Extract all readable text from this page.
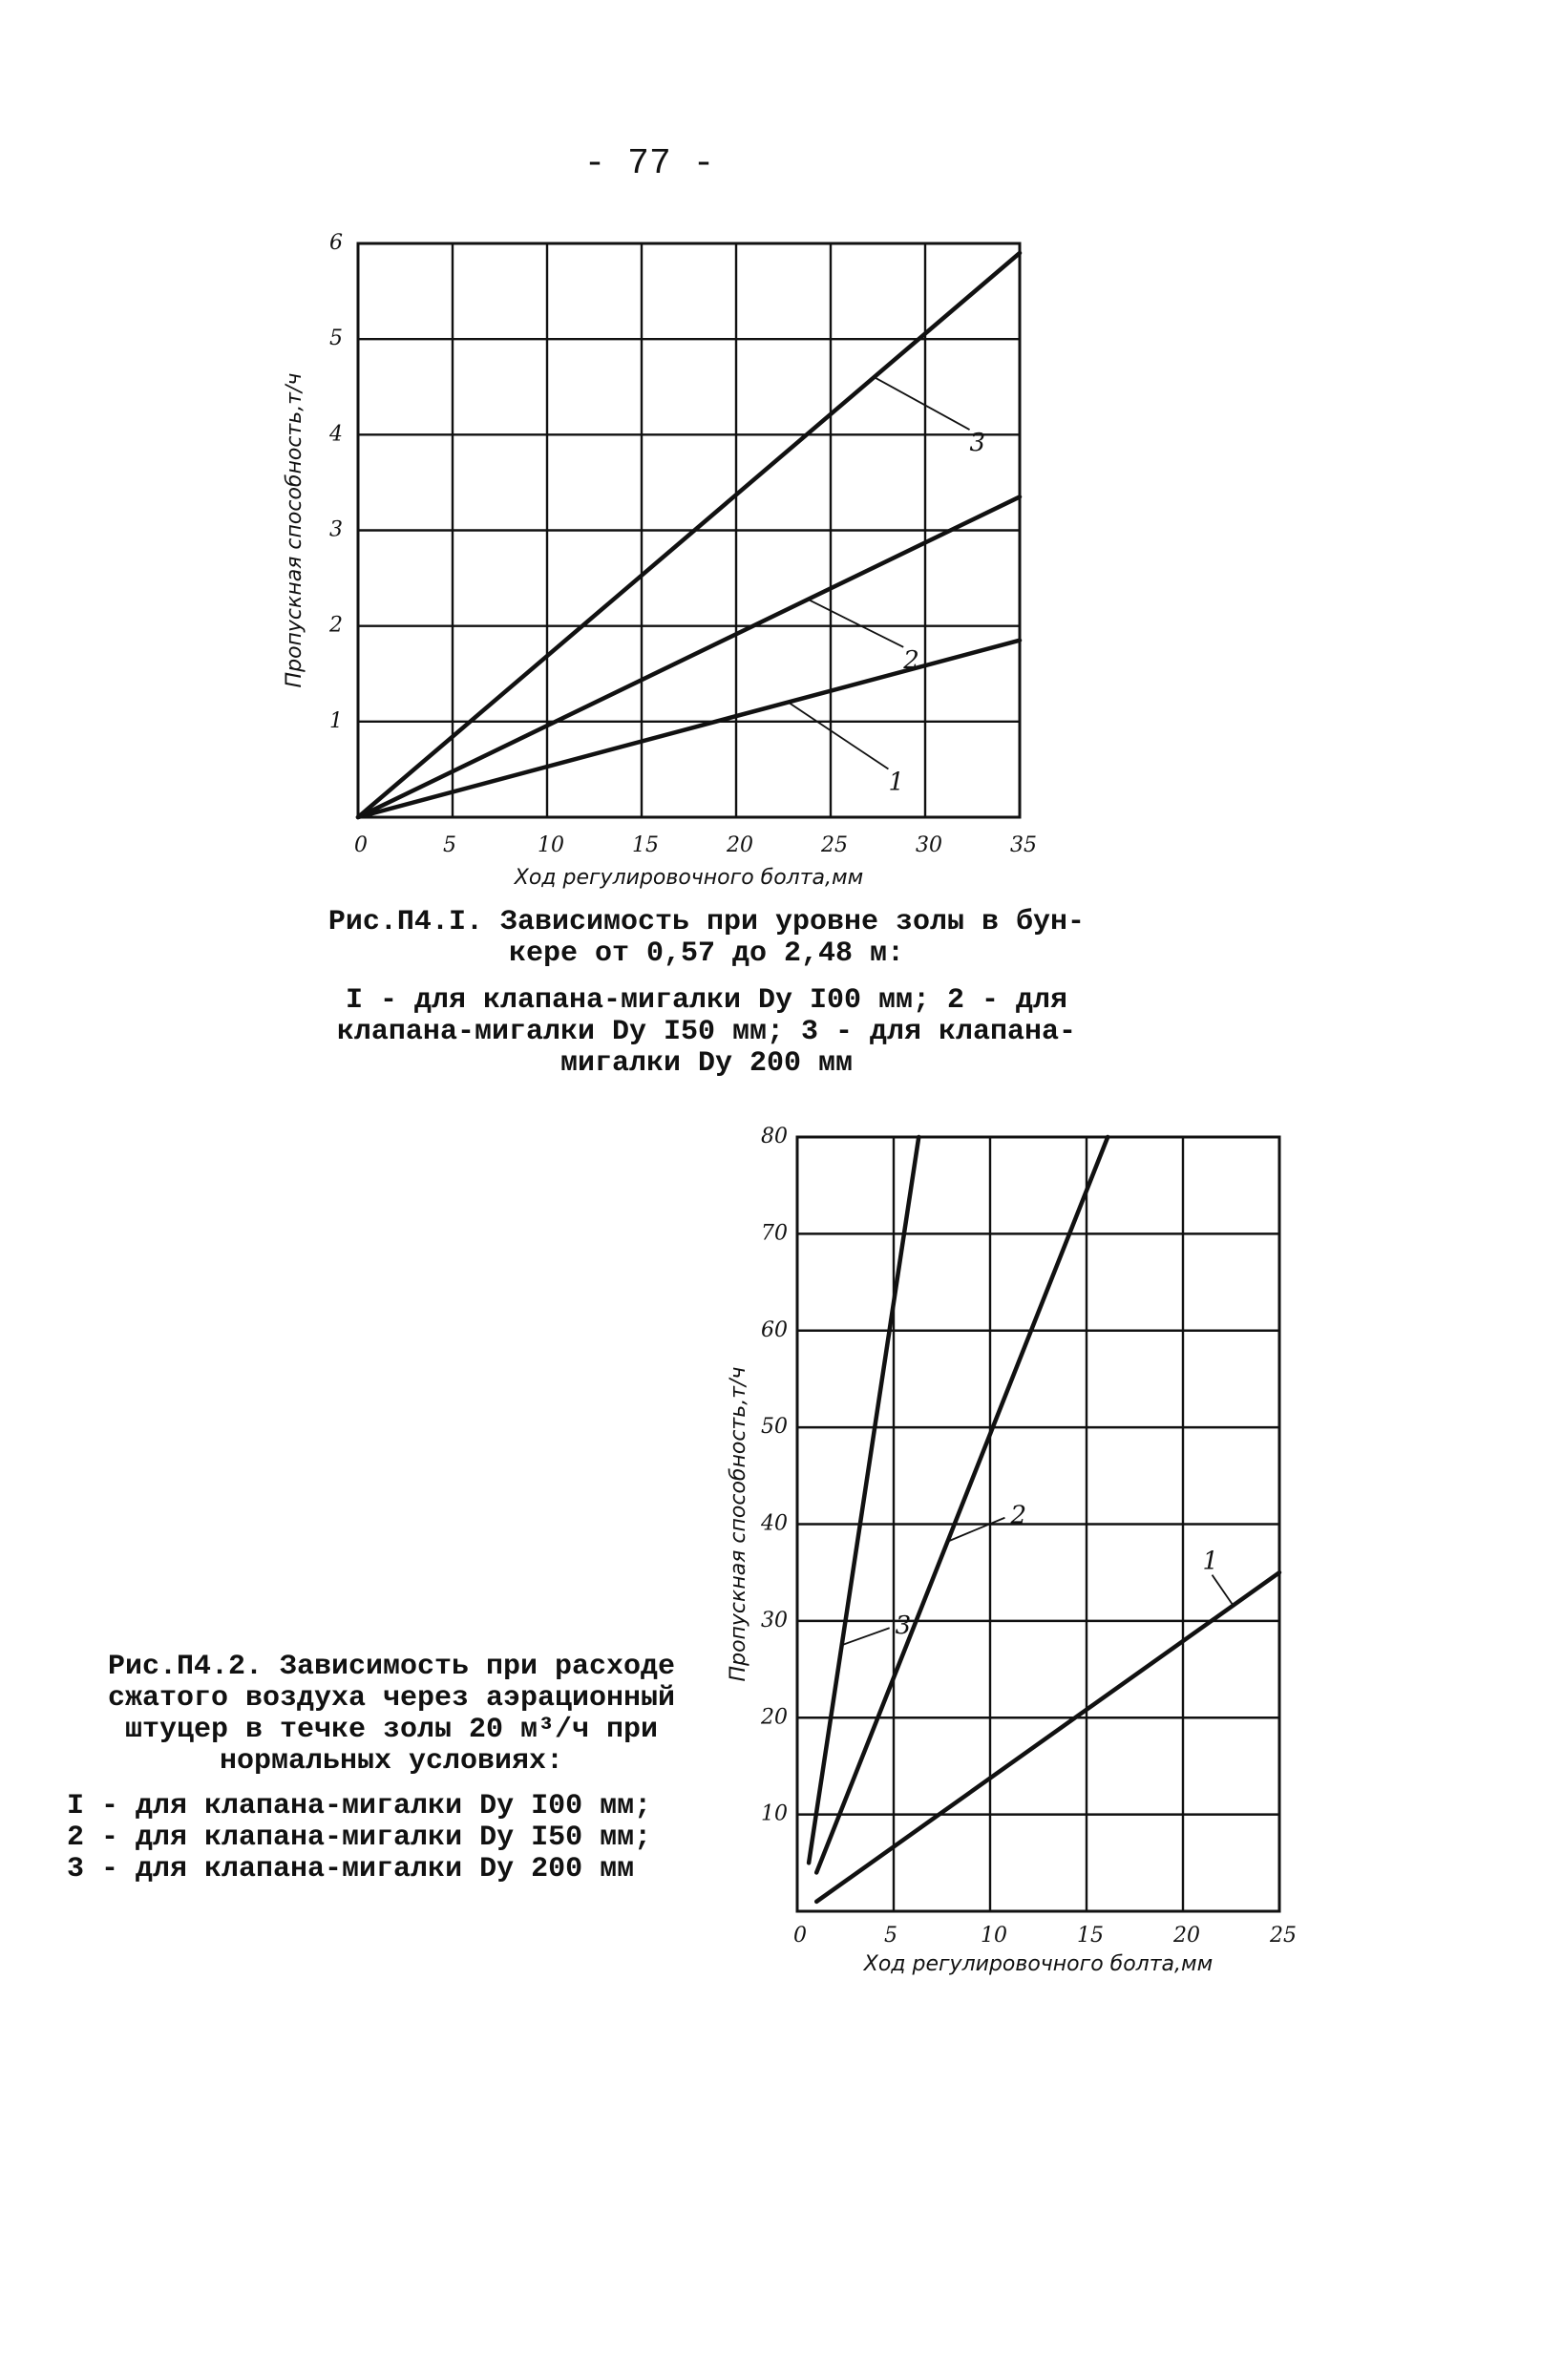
- 77 -
0	5	10	15	20	25	30	35
1
2
3
4
5
6
1
2
3
Ход регулировочного болта,мм
Пропускная способность,т/ч

Рис.П4.I. Зависимость при уровне золы в бун-
кере от 0,57 до 2,48 м:

I - для клапана-мигалки Dу I00 мм; 2 - для
клапана-мигалки Dу I50 мм; 3 - для клапана-
мигалки Dу 200 мм

0	5	10	15	20	25
10
20
30
40
50
60
70
80
1
2
3
Ход регулировочного болта,мм
Пропускная способность,т/ч

Рис.П4.2. Зависимость при расходе
сжатого воздуха через аэрационный
штуцер в течке золы 20 м³/ч при
нормальных условиях:

I - для клапана-мигалки Dу I00 мм;
2 - для клапана-мигалки Dу I50 мм;
3 - для клапана-мигалки Dу 200 мм
